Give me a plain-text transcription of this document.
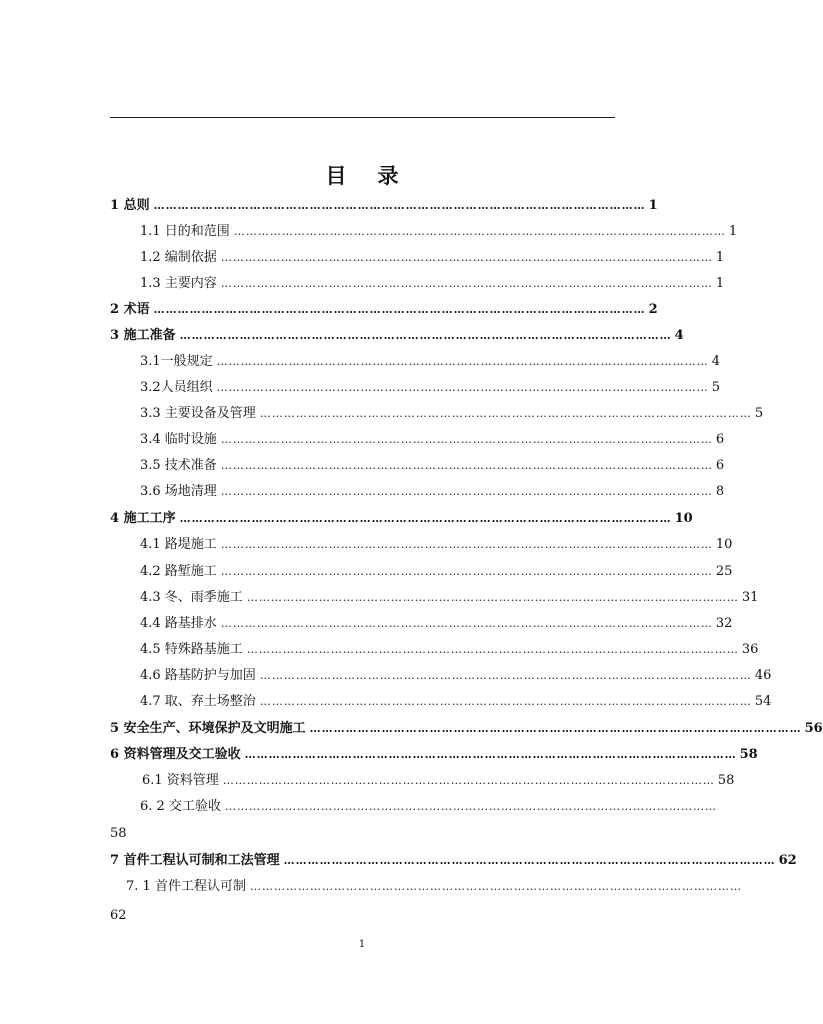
目 录
1 总则 …………………………………………………………………………………………………………… 1
1.1 日的和范围 …………………………………………………………………………………………………………… 1
1.2 编制依据 …………………………………………………………………………………………………………… 1
1.3 主要内容 …………………………………………………………………………………………………………… 1
2 术语 …………………………………………………………………………………………………………… 2
3 施工准备 …………………………………………………………………………………………………………… 4
3.1一般规定 …………………………………………………………………………………………………………… 4
3.2人员组织 …………………………………………………………………………………………………………… 5
3.3 主要设备及管理 …………………………………………………………………………………………………………… 5
3.4 临时设施 …………………………………………………………………………………………………………… 6
3.5 技术准备 …………………………………………………………………………………………………………… 6
3.6 场地清理 …………………………………………………………………………………………………………… 8
4 施工工序 …………………………………………………………………………………………………………… 10
4.1 路堤施工 …………………………………………………………………………………………………………… 10
4.2 路堑施工 …………………………………………………………………………………………………………… 25
4.3 冬、雨季施工 …………………………………………………………………………………………………………… 31
4.4 路基排水 …………………………………………………………………………………………………………… 32
4.5 特殊路基施工 …………………………………………………………………………………………………………… 36
4.6 路基防护与加固 …………………………………………………………………………………………………………… 46
4.7 取、弃土场整治 …………………………………………………………………………………………………………… 54
5 安全生产、环境保护及文明施工 …………………………………………………………………………………………………………… 56
6 资料管理及交工验收 …………………………………………………………………………………………………………… 58
6.1 资料管理 …………………………………………………………………………………………………………… 58
6. 2 交工验收 ……………………………………………………………………………………………………………
58
7 首件工程认可制和工法管理 …………………………………………………………………………………………………………… 62
7. 1 首件工程认可制 ……………………………………………………………………………………………………………
62
1
